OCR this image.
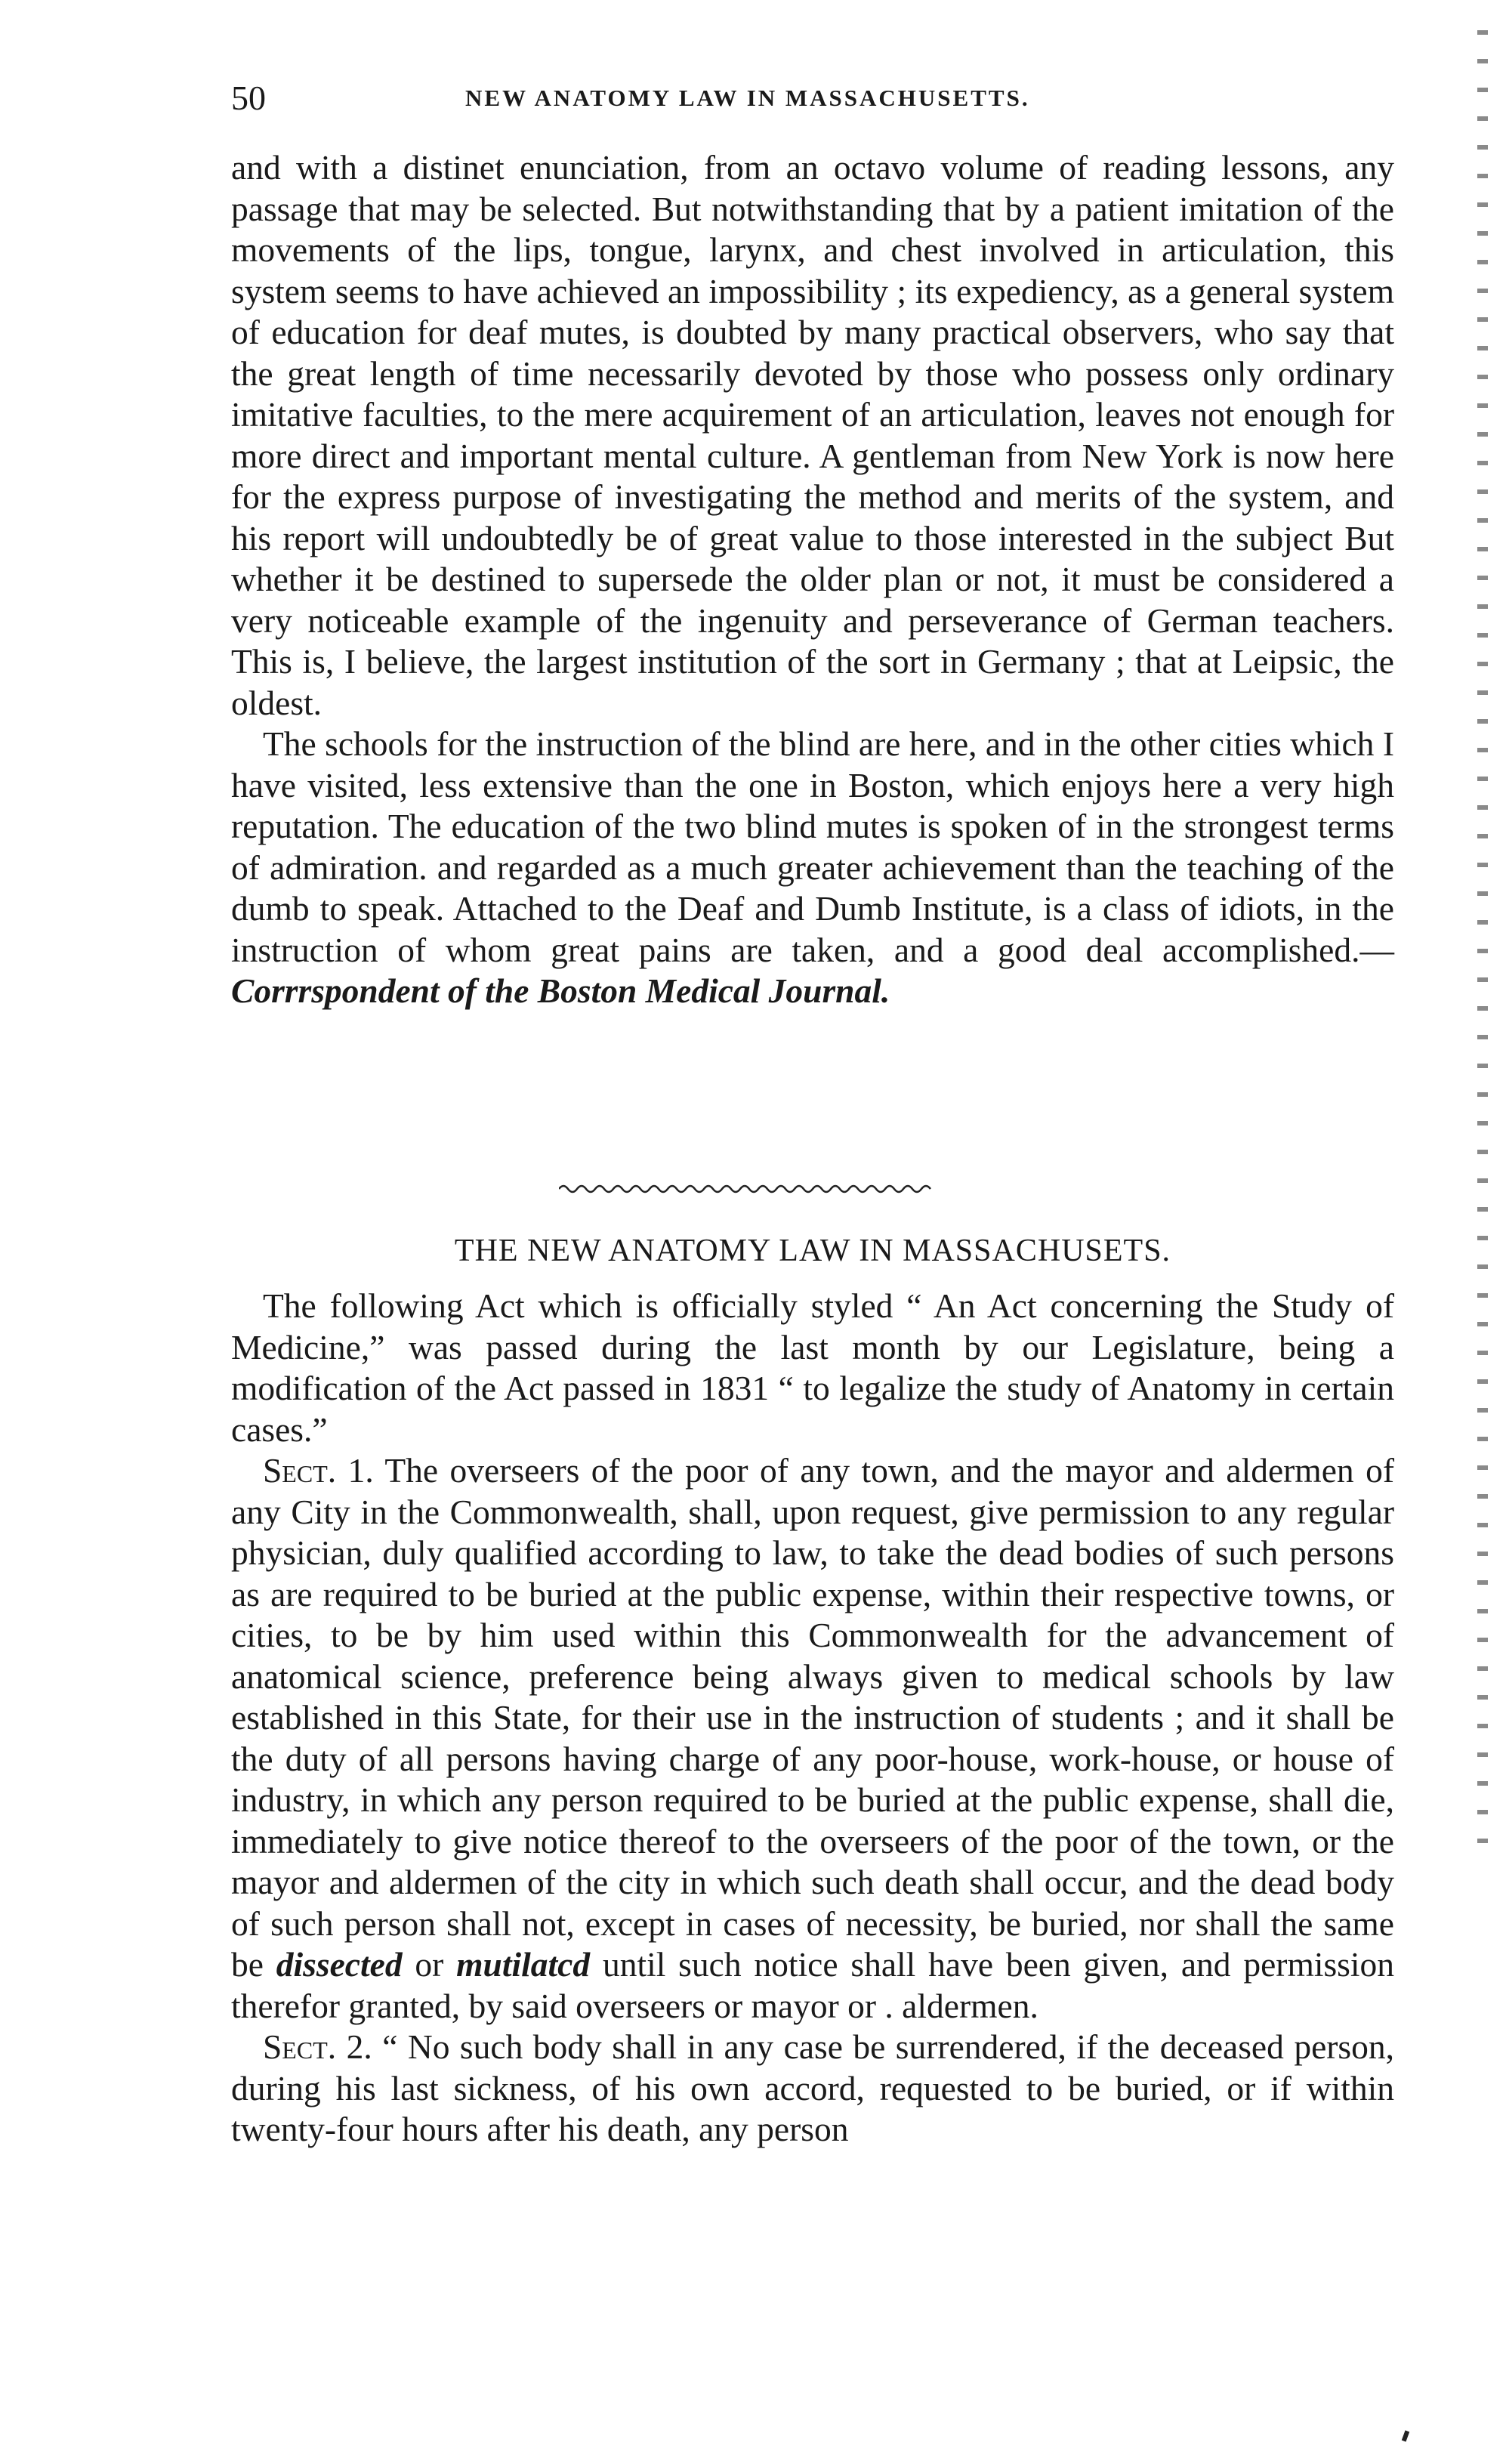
50	NEW ANATOMY LAW IN MASSACHUSETTS.

and with a distinet enunciation, from an octavo volume of reading lessons, any passage that may be selected. But notwithstanding that by a patient imitation of the movements of the lips, tongue, larynx, and chest involved in articulation, this system seems to have achieved an impossibility ; its expediency, as a general system of education for deaf mutes, is doubted by many practical observers, who say that the great length of time necessarily devoted by those who possess only ordinary imitative faculties, to the mere acquirement of an articulation, leaves not enough for more direct and important mental culture. A gentleman from New York is now here for the express purpose of investigating the method and merits of the system, and his report will undoubtedly be of great value to those interested in the subject But whether it be destined to supersede the older plan or not, it must be considered a very noticeable example of the ingenuity and perseverance of German teachers. This is, I believe, the largest institution of the sort in Germany ; that at Leipsic, the oldest.

The schools for the instruction of the blind are here, and in the other cities which I have visited, less extensive than the one in Boston, which enjoys here a very high reputation. The education of the two blind mutes is spoken of in the strongest terms of admiration. and regarded as a much greater achievement than the teaching of the dumb to speak. Attached to the Deaf and Dumb Institute, is a class of idiots, in the instruction of whom great pains are taken, and a good deal accomplished.—Corrrspondent of the Boston Medical Journal.

THE NEW ANATOMY LAW IN MASSACHUSETS.

The following Act which is officially styled “ An Act concerning the Study of Medicine,” was passed during the last month by our Legislature, being a modification of the Act passed in 1831 “ to legalize the study of Anatomy in certain cases.”

Sect. 1. The overseers of the poor of any town, and the mayor and aldermen of any City in the Commonwealth, shall, upon request, give permission to any regular physician, duly qualified according to law, to take the dead bodies of such persons as are required to be buried at the public expense, within their respective towns, or cities, to be by him used within this Commonwealth for the advancement of anatomical science, preference being always given to medical schools by law established in this State, for their use in the instruction of students ; and it shall be the duty of all persons having charge of any poor-house, work-house, or house of industry, in which any person required to be buried at the public expense, shall die, immediately to give notice thereof to the overseers of the poor of the town, or the mayor and aldermen of the city in which such death shall occur, and the dead body of such person shall not, except in cases of necessity, be buried, nor shall the same be dissected or mutilatcd until such notice shall have been given, and permission therefor granted, by said overseers or mayor or . aldermen.

Sect. 2. “ No such body shall in any case be surrendered, if the deceased person, during his last sickness, of his own accord, requested to be buried, or if within twenty-four hours after his death, any person
